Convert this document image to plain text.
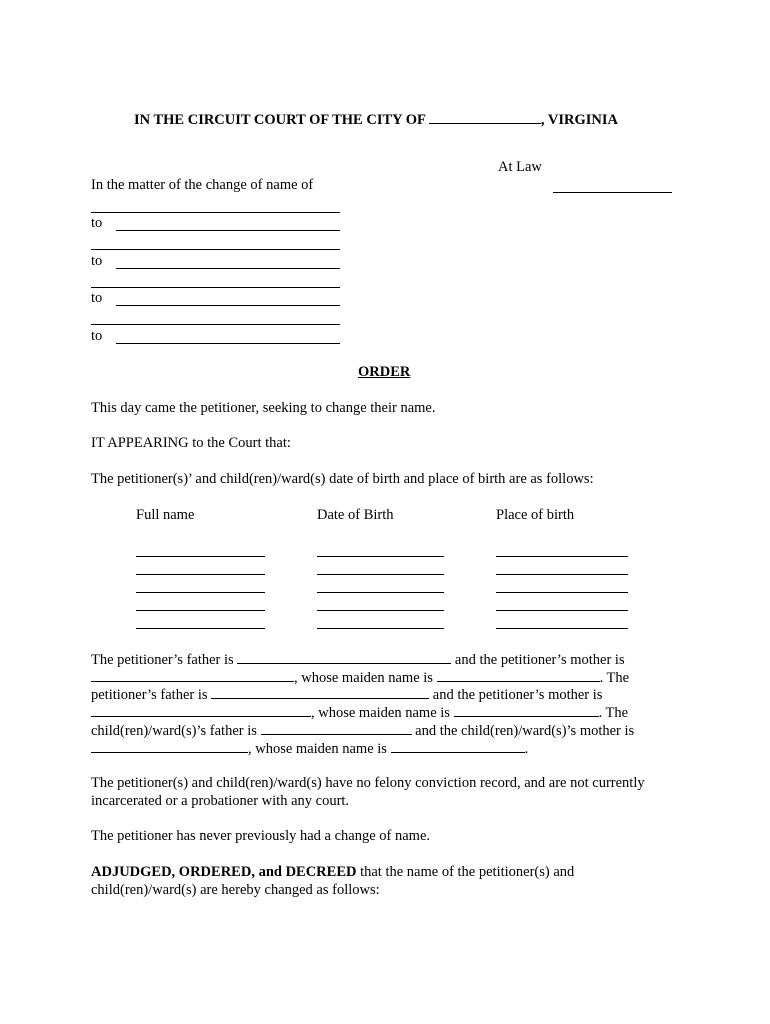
IN THE CIRCUIT COURT OF THE CITY OF	, VIRGINIA
At Law
In the matter of the change of name of
to
to
to
to
ORDER
This day came the petitioner, seeking to change their name.
IT APPEARING to the Court that:
The petitioner(s)’ and child(ren)/ward(s) date of birth and place of birth are as follows:
Full name	Date of Birth	Place of birth
The petitioner’s father is	and the petitioner’s mother is
, whose maiden name is	. The
petitioner’s father is	and the petitioner’s mother is
, whose maiden name is	. The
child(ren)/ward(s)’s father is	and the child(ren)/ward(s)’s mother is
, whose maiden name is	.
The petitioner(s) and child(ren)/ward(s) have no felony conviction record, and are not currently
incarcerated or a probationer with any court.
The petitioner has never previously had a change of name.
ADJUDGED, ORDERED, and DECREED that the name of the petitioner(s) and
child(ren)/ward(s) are hereby changed as follows:
